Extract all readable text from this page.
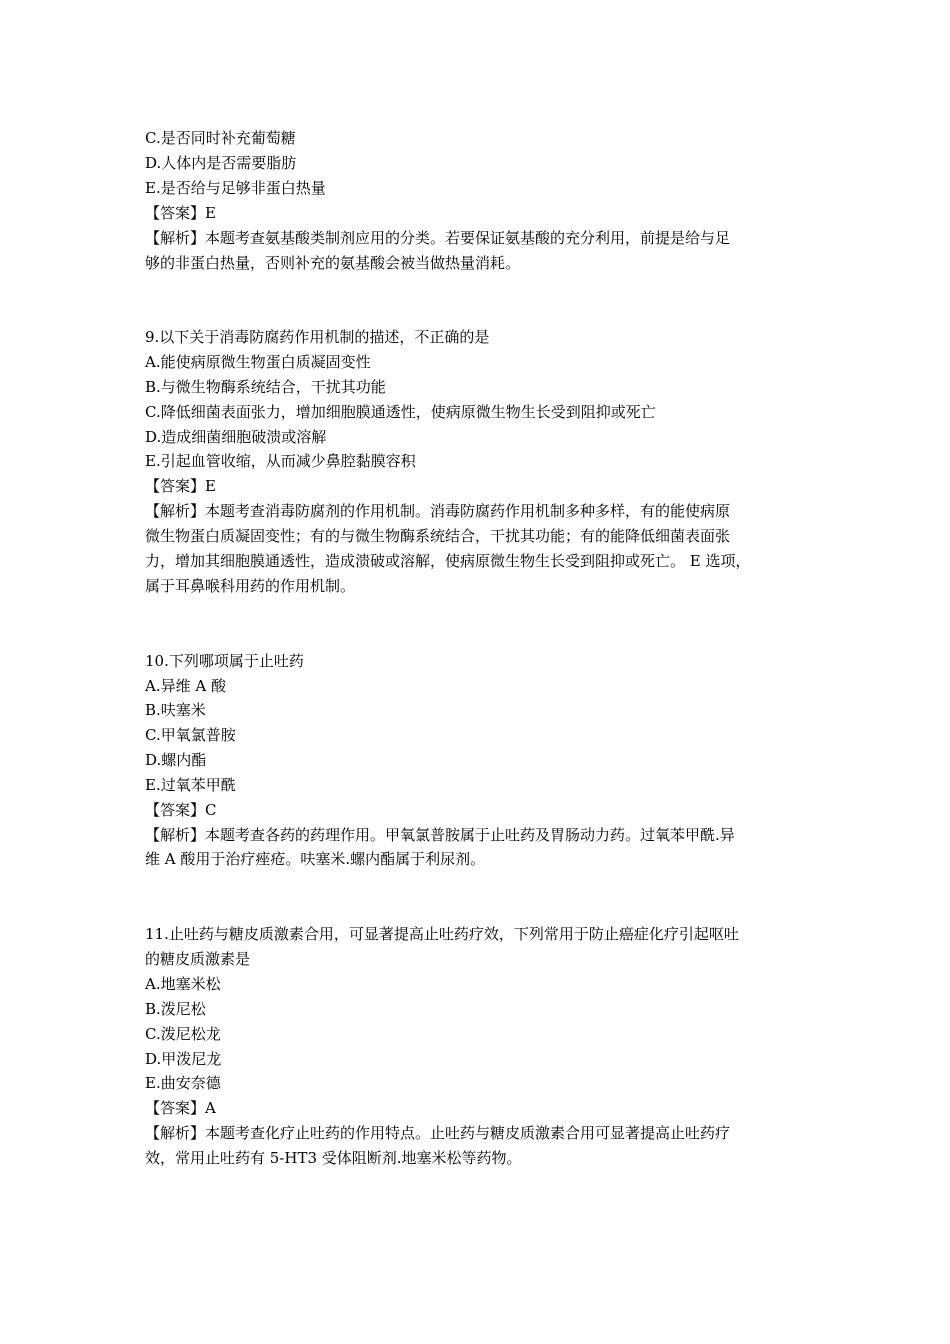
C.是否同时补充葡萄糖
D.人体内是否需要脂肪
E.是否给与足够非蛋白热量
【答案】E
【解析】本题考查氨基酸类制剂应用的分类。若要保证氨基酸的充分利用，前提是给与足
够的非蛋白热量，否则补充的氨基酸会被当做热量消耗。
9.以下关于消毒防腐药作用机制的描述，不正确的是
A.能使病原微生物蛋白质凝固变性
B.与微生物酶系统结合，干扰其功能
C.降低细菌表面张力，增加细胞膜通透性，使病原微生物生长受到阻抑或死亡
D.造成细菌细胞破溃或溶解
E.引起血管收缩，从而减少鼻腔黏膜容积
【答案】E
【解析】本题考查消毒防腐剂的作用机制。消毒防腐药作用机制多种多样，有的能使病原
微生物蛋白质凝固变性；有的与微生物酶系统结合，干扰其功能；有的能降低细菌表面张
力，增加其细胞膜通透性，造成溃破或溶解，使病原微生物生长受到阻抑或死亡。 E 选项，
属于耳鼻喉科用药的作用机制。
10.下列哪项属于止吐药
A.异维 A 酸
B.呋塞米
C.甲氧氯普胺
D.螺内酯
E.过氧苯甲酰
【答案】C
【解析】本题考查各药的药理作用。甲氧氯普胺属于止吐药及胃肠动力药。过氧苯甲酰.异
维 A 酸用于治疗痤疮。呋塞米.螺内酯属于利尿剂。
11.止吐药与糖皮质激素合用，可显著提高止吐药疗效，下列常用于防止癌症化疗引起呕吐
的糖皮质激素是
A.地塞米松
B.泼尼松
C.泼尼松龙
D.甲泼尼龙
E.曲安奈德
【答案】A
【解析】本题考查化疗止吐药的作用特点。止吐药与糖皮质激素合用可显著提高止吐药疗
效，常用止吐药有 5-HT3 受体阻断剂.地塞米松等药物。
